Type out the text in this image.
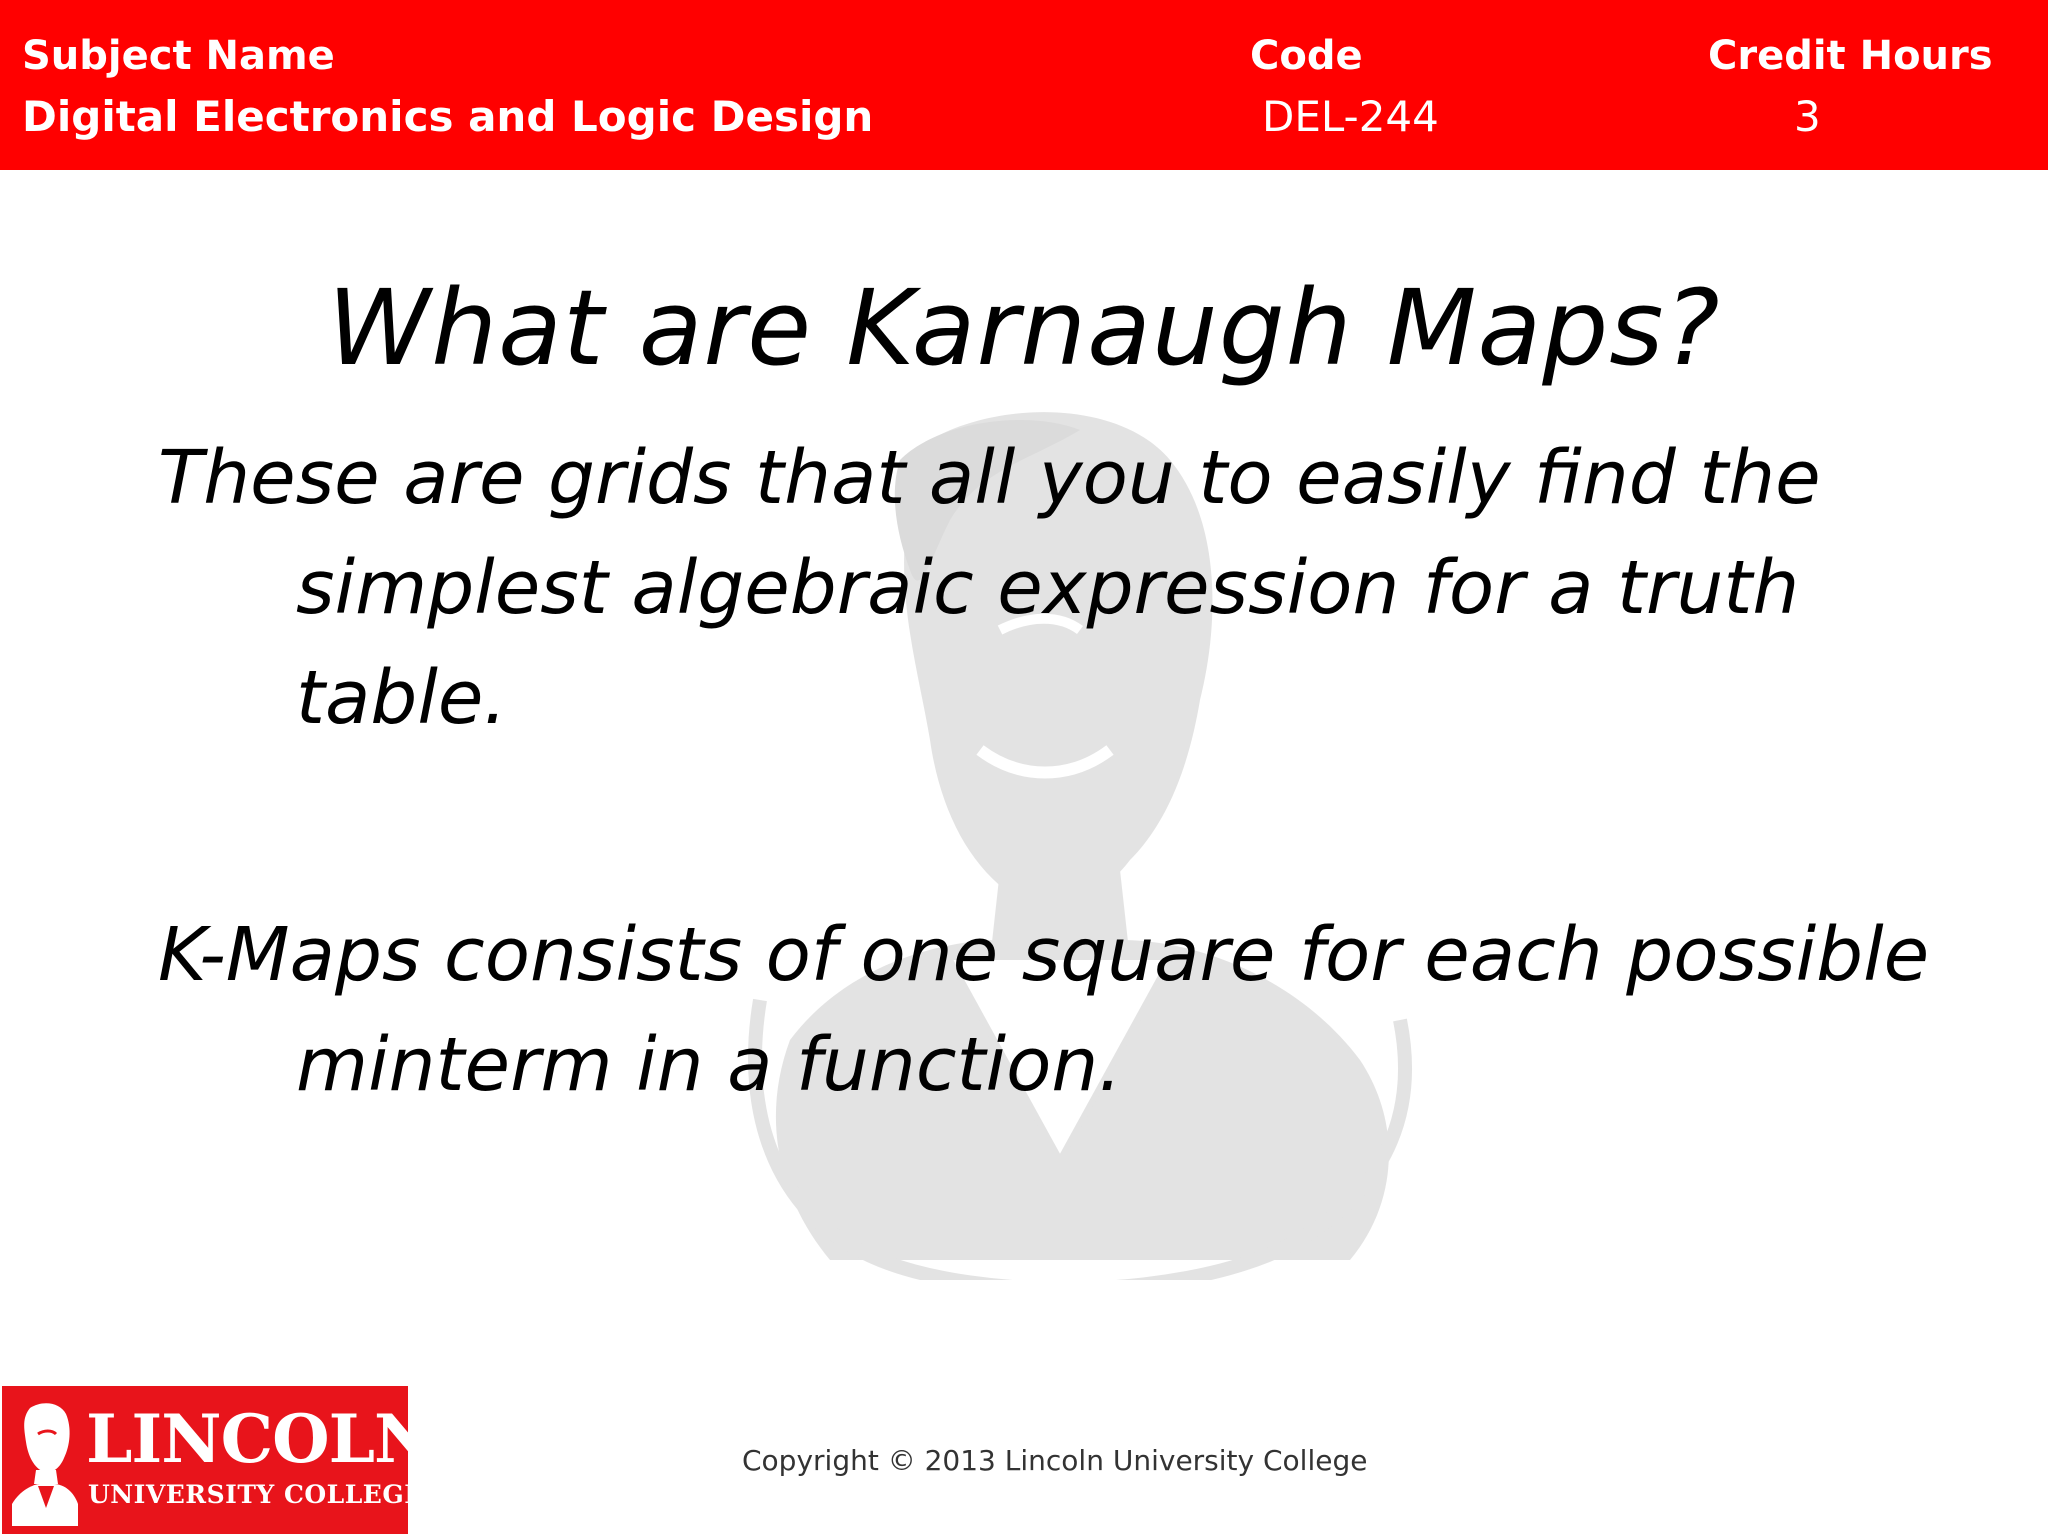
Subject Name
Digital Electronics and Logic Design
Code
DEL-244
Credit Hours
3
What are Karnaugh Maps?
These are grids that all you to easily find the simplest algebraic expression for a truth table.
K-Maps consists of one square for each possible minterm in a function.
LINCOLN
UNIVERSITY COLLEGE
Copyright © 2013 Lincoln University College
